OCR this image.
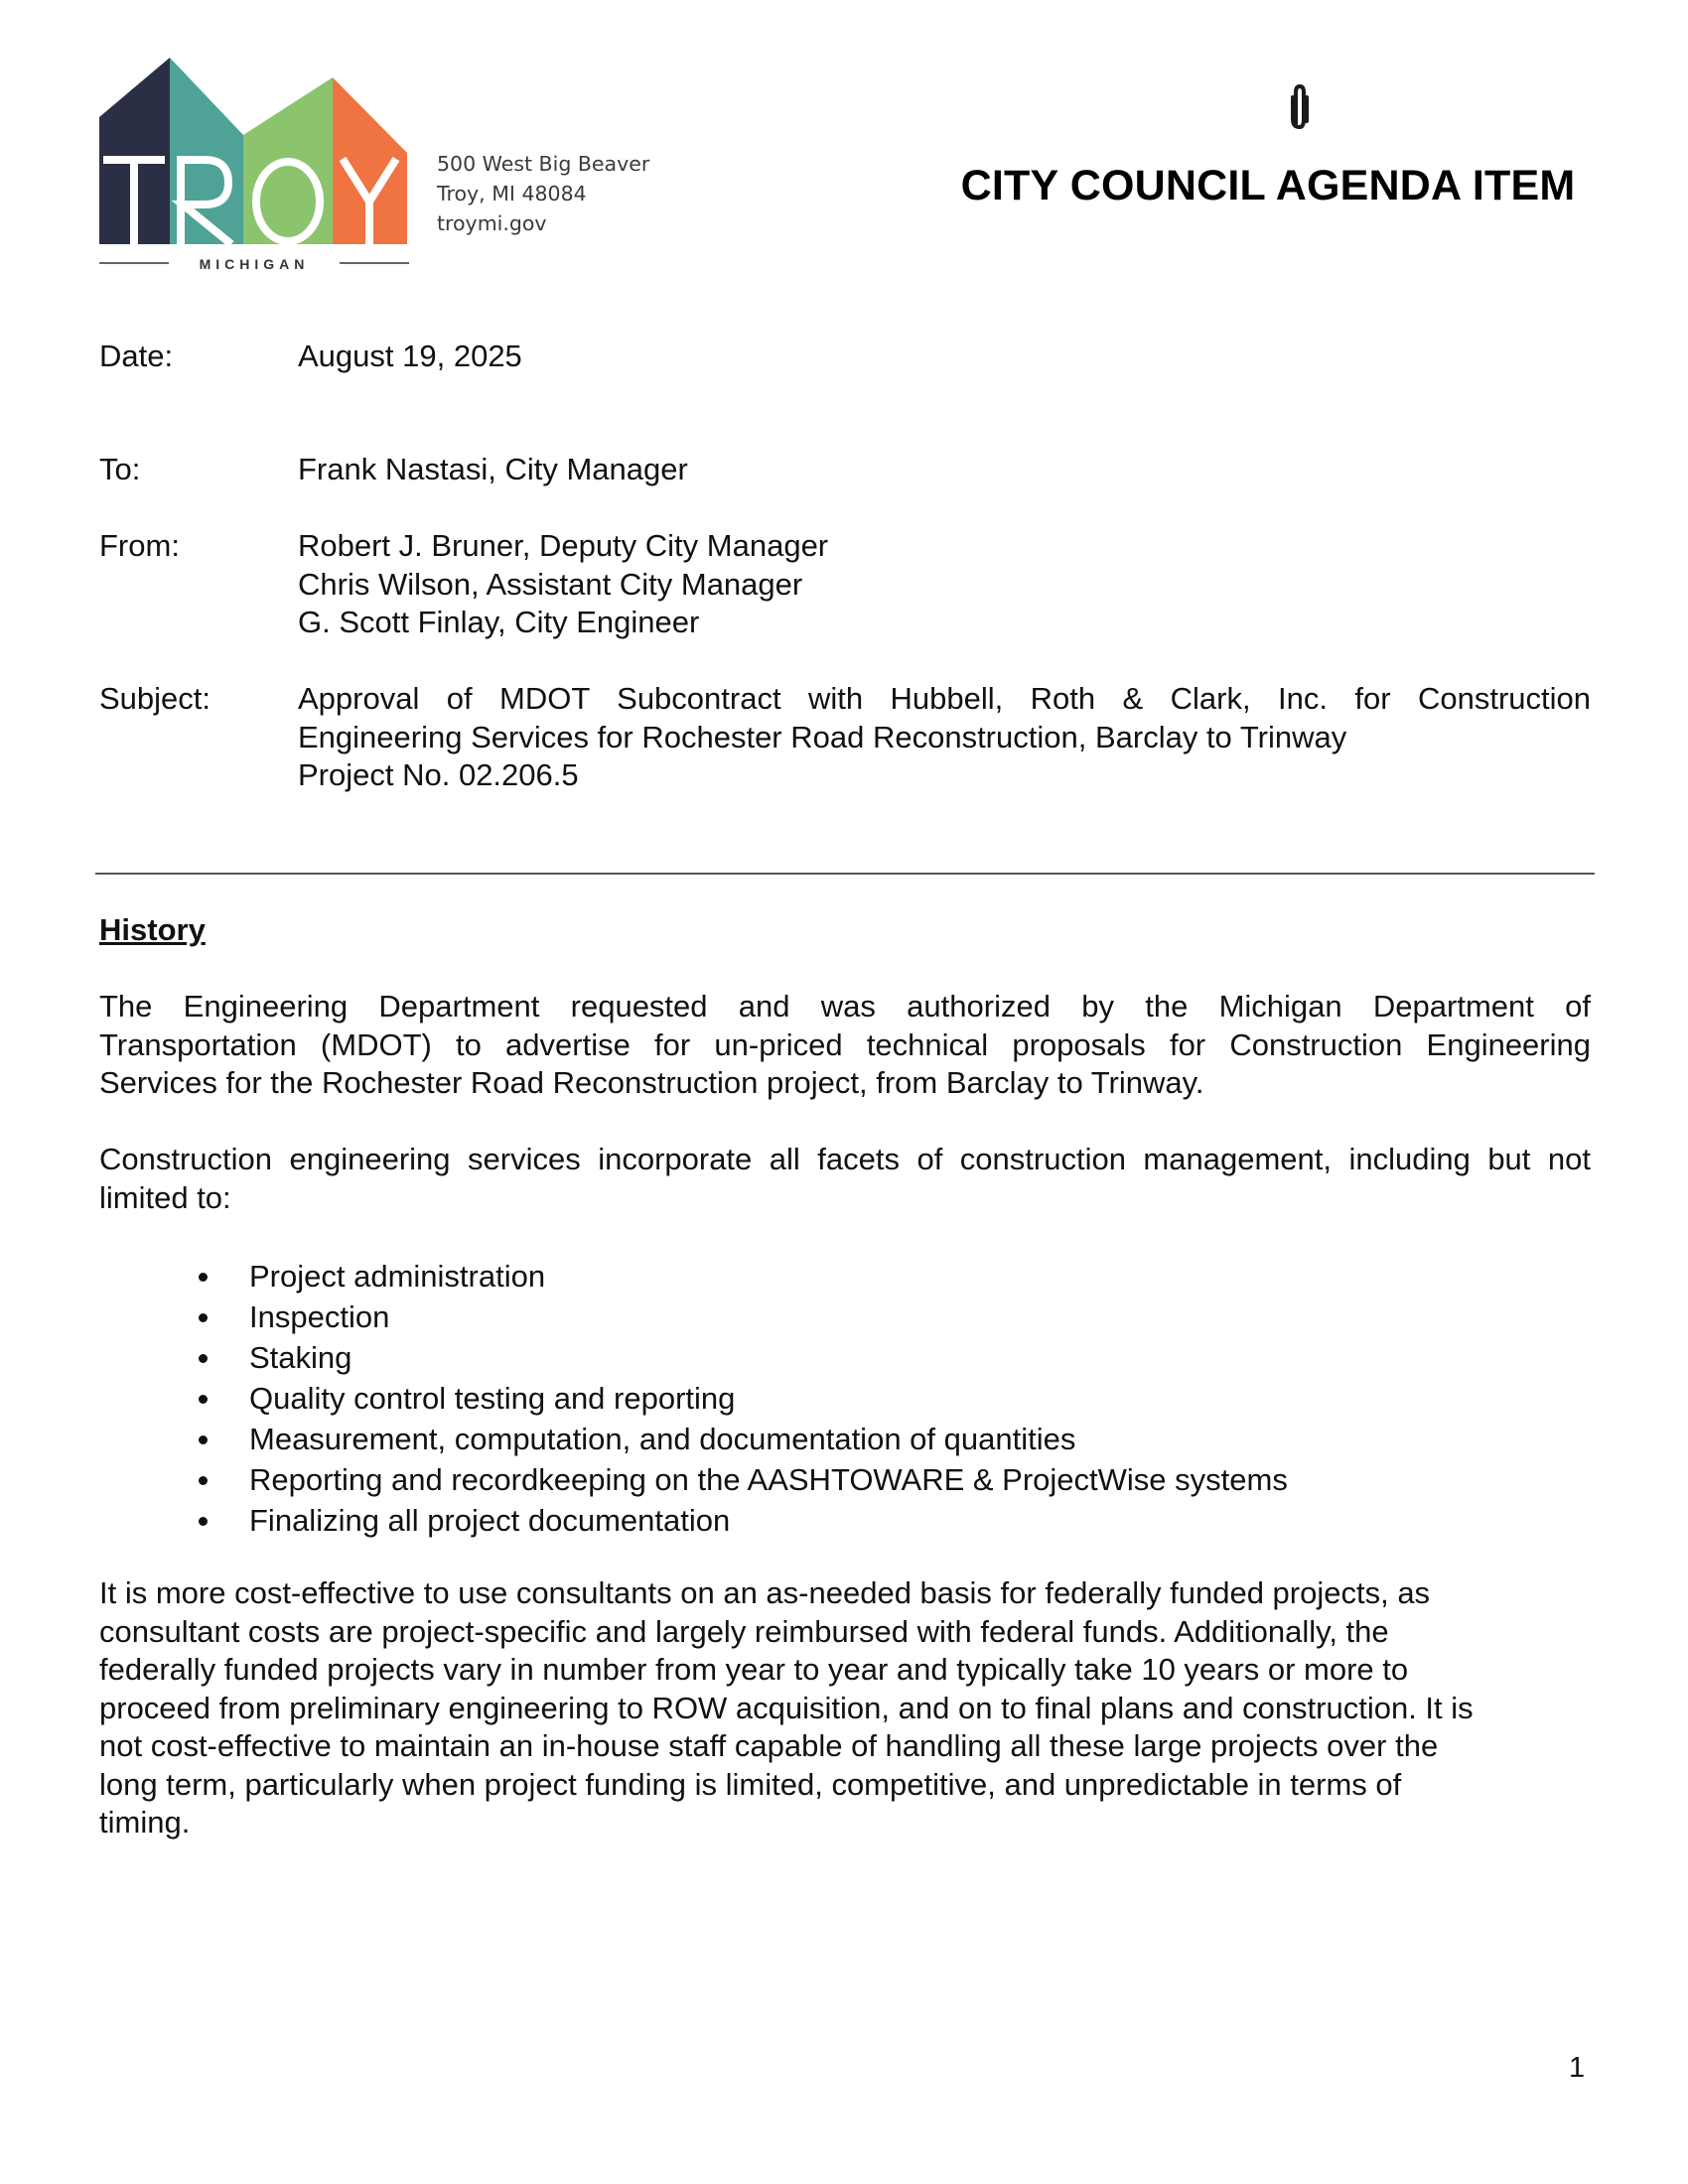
MICHIGAN
500 West Big Beaver
Troy, MI 48084
troymi.gov
CITY COUNCIL AGENDA ITEM
Date:	August 19, 2025
To:	Frank Nastasi, City Manager
From:	Robert J. Bruner, Deputy City Manager
Chris Wilson, Assistant City Manager
G. Scott Finlay, City Engineer
Subject:	Approval of MDOT Subcontract with Hubbell, Roth & Clark, Inc. for Construction
Engineering Services for Rochester Road Reconstruction, Barclay to Trinway
Project No. 02.206.5
History
The Engineering Department requested and was authorized by the Michigan Department of
Transportation (MDOT) to advertise for un-priced technical proposals for Construction Engineering
Services for the Rochester Road Reconstruction project, from Barclay to Trinway.
Construction engineering services incorporate all facets of construction management, including but not
limited to:
Project administration
Inspection
Staking
Quality control testing and reporting
Measurement, computation, and documentation of quantities
Reporting and recordkeeping on the AASHTOWARE & ProjectWise systems
Finalizing all project documentation
It is more cost-effective to use consultants on an as-needed basis for federally funded projects, as
consultant costs are project-specific and largely reimbursed with federal funds. Additionally, the
federally funded projects vary in number from year to year and typically take 10 years or more to
proceed from preliminary engineering to ROW acquisition, and on to final plans and construction. It is
not cost-effective to maintain an in-house staff capable of handling all these large projects over the
long term, particularly when project funding is limited, competitive, and unpredictable in terms of
timing.
1
